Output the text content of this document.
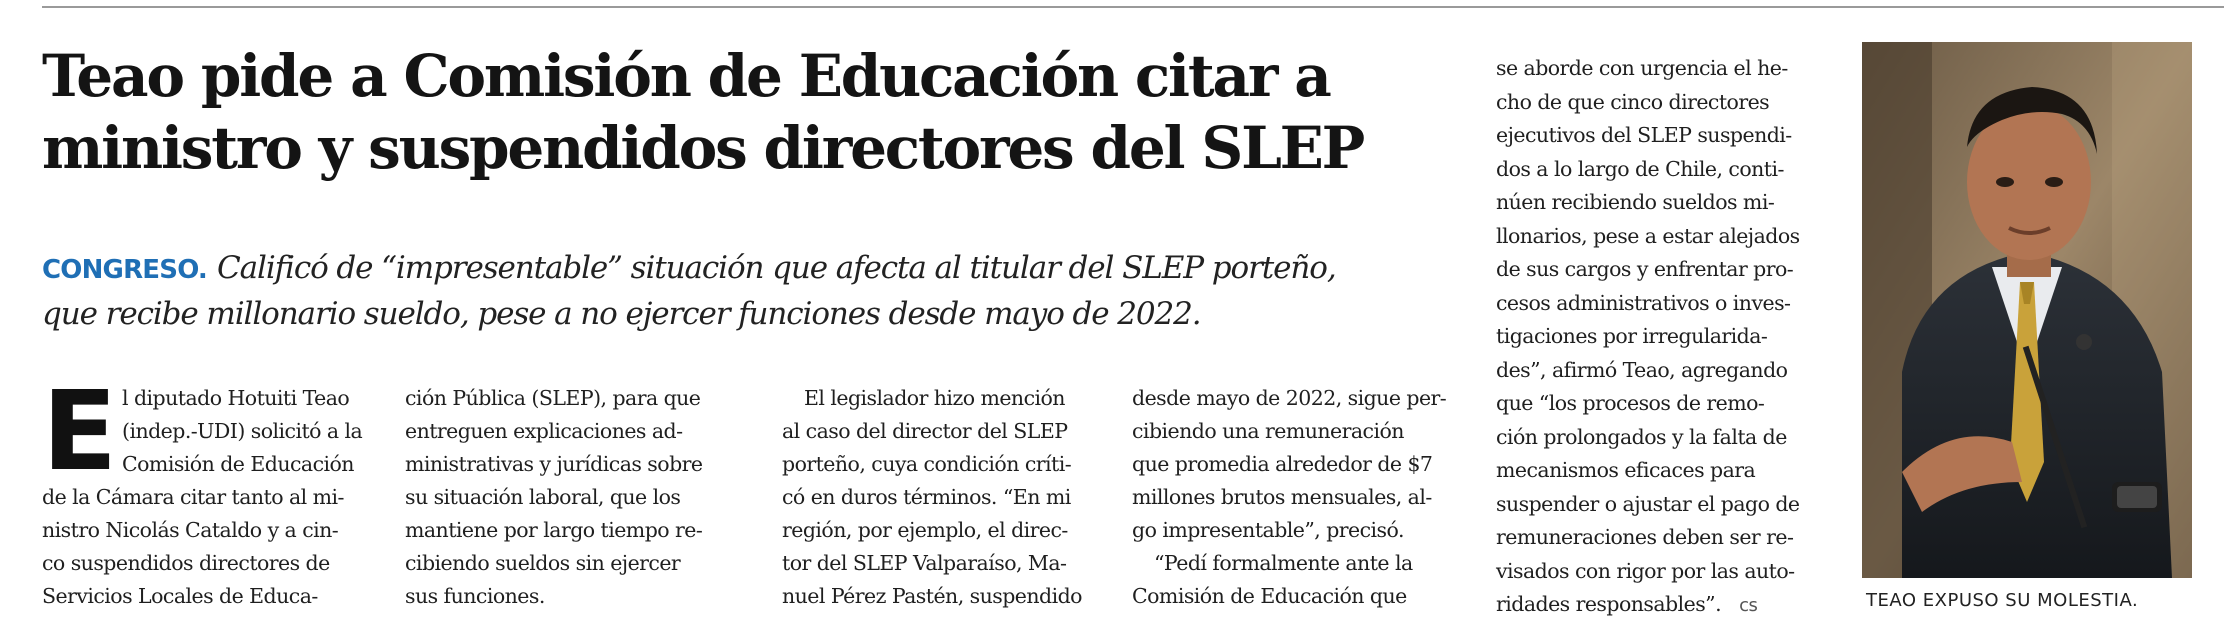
Teao pide a Comisión de Educación citar a
ministro y suspendidos directores del SLEP
CONGRESO. Calificó de “impresentable” situación que afecta al titular del SLEP porteño,
que recibe millonario sueldo, pese a no ejercer funciones desde mayo de 2022.
E l diputado Hotuiti Teao
(indep.-UDI) solicitó a la
Comisión de Educación
de la Cámara citar tanto al mi-
nistro Nicolás Cataldo y a cin-
co suspendidos directores de
Servicios Locales de Educa-
ción Pública (SLEP), para que
entreguen explicaciones ad-
ministrativas y jurídicas sobre
su situación laboral, que los
mantiene por largo tiempo re-
cibiendo sueldos sin ejercer
sus funciones.
El legislador hizo mención
al caso del director del SLEP
porteño, cuya condición críti-
có en duros términos. “En mi
región, por ejemplo, el direc-
tor del SLEP Valparaíso, Ma-
nuel Pérez Pastén, suspendido
desde mayo de 2022, sigue per-
cibiendo una remuneración
que promedia alrededor de $7
millones brutos mensuales, al-
go impresentable”, precisó.
“Pedí formalmente ante la
Comisión de Educación que
se aborde con urgencia el he-
cho de que cinco directores
ejecutivos del SLEP suspendi-
dos a lo largo de Chile, conti-
núen recibiendo sueldos mi-
llonarios, pese a estar alejados
de sus cargos y enfrentar pro-
cesos administrativos o inves-
tigaciones por irregularida-
des”, afirmó Teao, agregando
que “los procesos de remo-
ción prolongados y la falta de
mecanismos eficaces para
suspender o ajustar el pago de
remuneraciones deben ser re-
visados con rigor por las auto-
ridades responsables”. cs	TEAO EXPUSO SU MOLESTIA.
